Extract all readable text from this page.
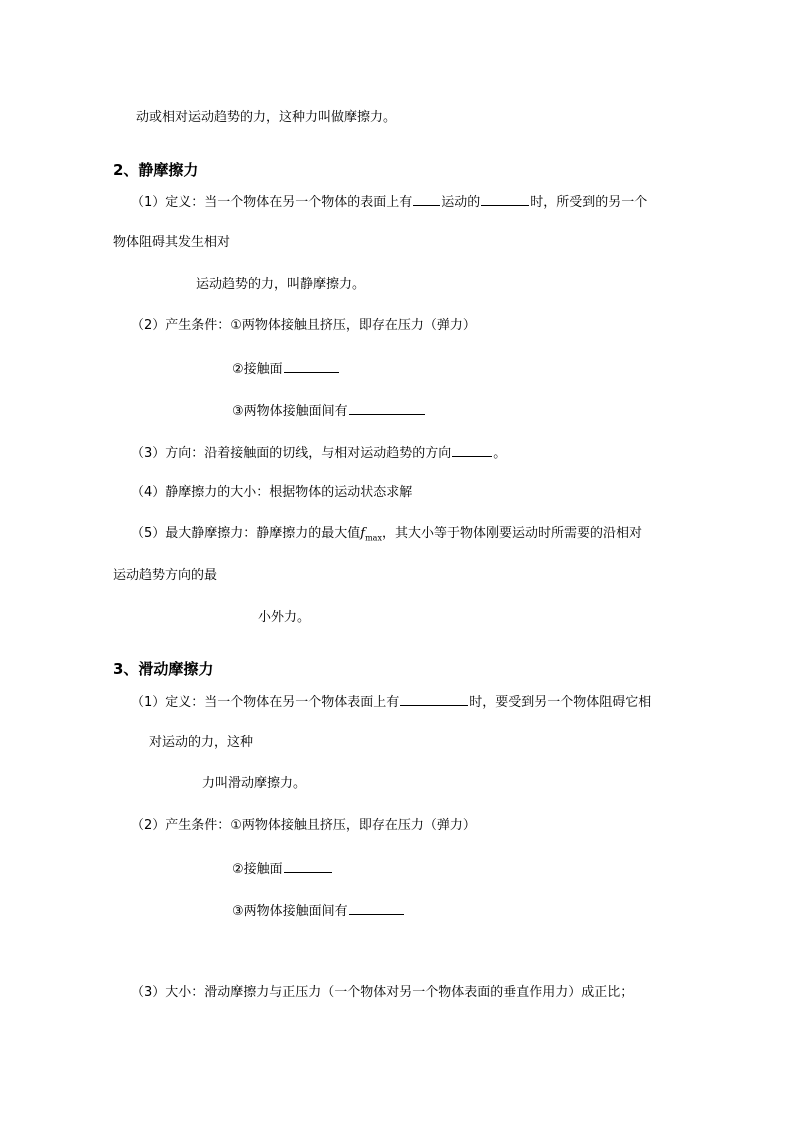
动或相对运动趋势的力，这种力叫做摩擦力。
2、静摩擦力
（1）定义：当一个物体在另一个物体的表面上有 运动的	时，所受到的另一个
物体阻碍其发生相对
运动趋势的力，叫静摩擦力。
（2）产生条件：①两物体接触且挤压，即存在压力（弹力）
②接触面
③两物体接触面间有
（3）方向：沿着接触面的切线，与相对运动趋势的方向	。
（4）静摩擦力的大小：根据物体的运动状态求解
（5）最大静摩擦力：静摩擦力的最大值$f_{max}$，其大小等于物体刚要运动时所需要的沿相对
运动趋势方向的最
小外力。
3、滑动摩擦力
（1）定义：当一个物体在另一个物体表面上有	时，要受到另一个物体阻碍它相
对运动的力，这种
力叫滑动摩擦力。
（2）产生条件：①两物体接触且挤压，即存在压力（弹力）
②接触面
③两物体接触面间有
（3）大小：滑动摩擦力与正压力（一个物体对另一个物体表面的垂直作用力）成正比；
